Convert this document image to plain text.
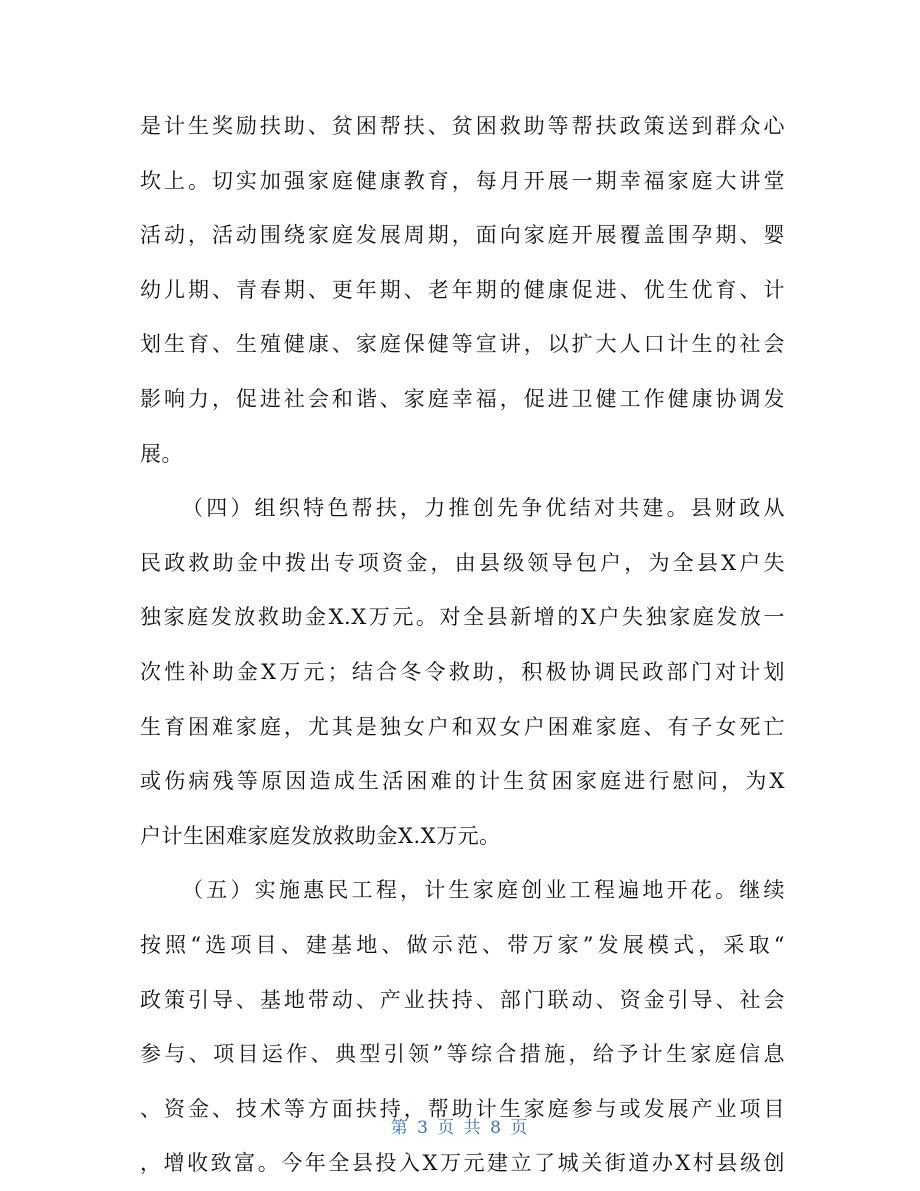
是计生奖励扶助、贫困帮扶、贫困救助等帮扶政策送到群众心
坎上。切实加强家庭健康教育，每月开展一期幸福家庭大讲堂
活动，活动围绕家庭发展周期，面向家庭开展覆盖围孕期、婴
幼儿期、青春期、更年期、老年期的健康促进、优生优育、计
划生育、生殖健康、家庭保健等宣讲，以扩大人口计生的社会
影响力，促进社会和谐、家庭幸福，促进卫健工作健康协调发
展。
（四）组织特色帮扶，力推创先争优结对共建。县财政从
民政救助金中拨出专项资金，由县级领导包户，为全县X户失
独家庭发放救助金X.X万元。对全县新增的X户失独家庭发放一
次性补助金X万元；结合冬令救助，积极协调民政部门对计划
生育困难家庭，尤其是独女户和双女户困难家庭、有子女死亡
或伤病残等原因造成生活困难的计生贫困家庭进行慰问，为X
户计生困难家庭发放救助金X.X万元。
（五）实施惠民工程，计生家庭创业工程遍地开花。继续
按照“选项目、建基地、做示范、带万家”发展模式，采取“
政策引导、基地带动、产业扶持、部门联动、资金引导、社会
参与、项目运作、典型引领”等综合措施，给予计生家庭信息
、资金、技术等方面扶持，帮助计生家庭参与或发展产业项目
，增收致富。今年全县投入X万元建立了城关街道办X村县级创
第 3 页 共 8 页
